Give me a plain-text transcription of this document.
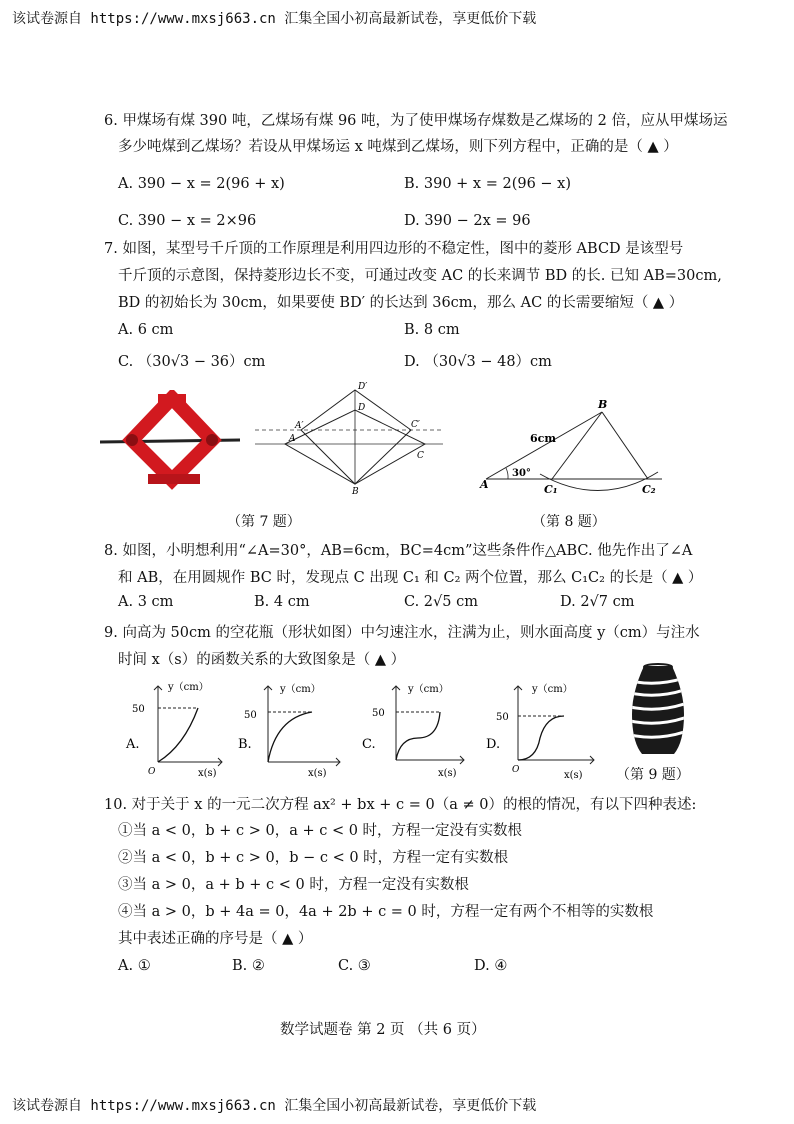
该试卷源自 https://www.mxsj663.cn 汇集全国小初高最新试卷，享更低价下载
6. 甲煤场有煤 390 吨，乙煤场有煤 96 吨，为了使甲煤场存煤数是乙煤场的 2 倍，应从甲煤场运
多少吨煤到乙煤场？若设从甲煤场运 x 吨煤到乙煤场，则下列方程中，正确的是（ ▲ ）
A. 390 − x = 2(96 + x)	B. 390 + x = 2(96 − x)
C. 390 − x = 2×96	D. 390 − 2x = 96
7. 如图，某型号千斤顶的工作原理是利用四边形的不稳定性，图中的菱形 ABCD 是该型号
千斤顶的示意图，保持菱形边长不变，可通过改变 AC 的长来调节 BD 的长. 已知 AB=30cm,
BD 的初始长为 30cm，如果要使 BD′ 的长达到 36cm，那么 AC 的长需要缩短（ ▲ ）
A. 6 cm	B. 8 cm
C. （30√3 − 36）cm	D. （30√3 − 48）cm
A
A′
B
C
C′
D
D′
（第 7 题）
A
B
C₁	C₂
6cm
30°
（第 8 题）
8. 如图，小明想利用“∠A=30°，AB=6cm，BC=4cm”这些条件作△ABC. 他先作出了∠A
和 AB，在用圆规作 BC 时，发现点 C 出现 C₁ 和 C₂ 两个位置，那么 C₁C₂ 的长是（ ▲ ）
A. 3 cm	B. 4 cm	C. 2√5 cm	D. 2√7 cm
9. 向高为 50cm 的空花瓶（形状如图）中匀速注水，注满为止，则水面高度 y（cm）与注水
时间 x（s）的函数关系的大致图象是（ ▲ ）
A.
50
O
y（cm）
x(s)
B.
50
y（cm）
x(s)
C.
50
y（cm）
x(s)
D.
50
O
y（cm）
x(s) （第 9 题）
10. 对于关于 x 的一元二次方程 ax² + bx + c = 0（a ≠ 0）的根的情况，有以下四种表述:
①当 a < 0，b + c > 0，a + c < 0 时，方程一定没有实数根
②当 a < 0，b + c > 0，b − c < 0 时，方程一定有实数根
③当 a > 0，a + b + c < 0 时，方程一定没有实数根
④当 a > 0，b + 4a = 0，4a + 2b + c = 0 时，方程一定有两个不相等的实数根
其中表述正确的序号是（ ▲ ）
A. ①	B. ②	C. ③	D. ④
数学试题卷 第 2 页 （共 6 页）
该试卷源自 https://www.mxsj663.cn 汇集全国小初高最新试卷，享更低价下载
